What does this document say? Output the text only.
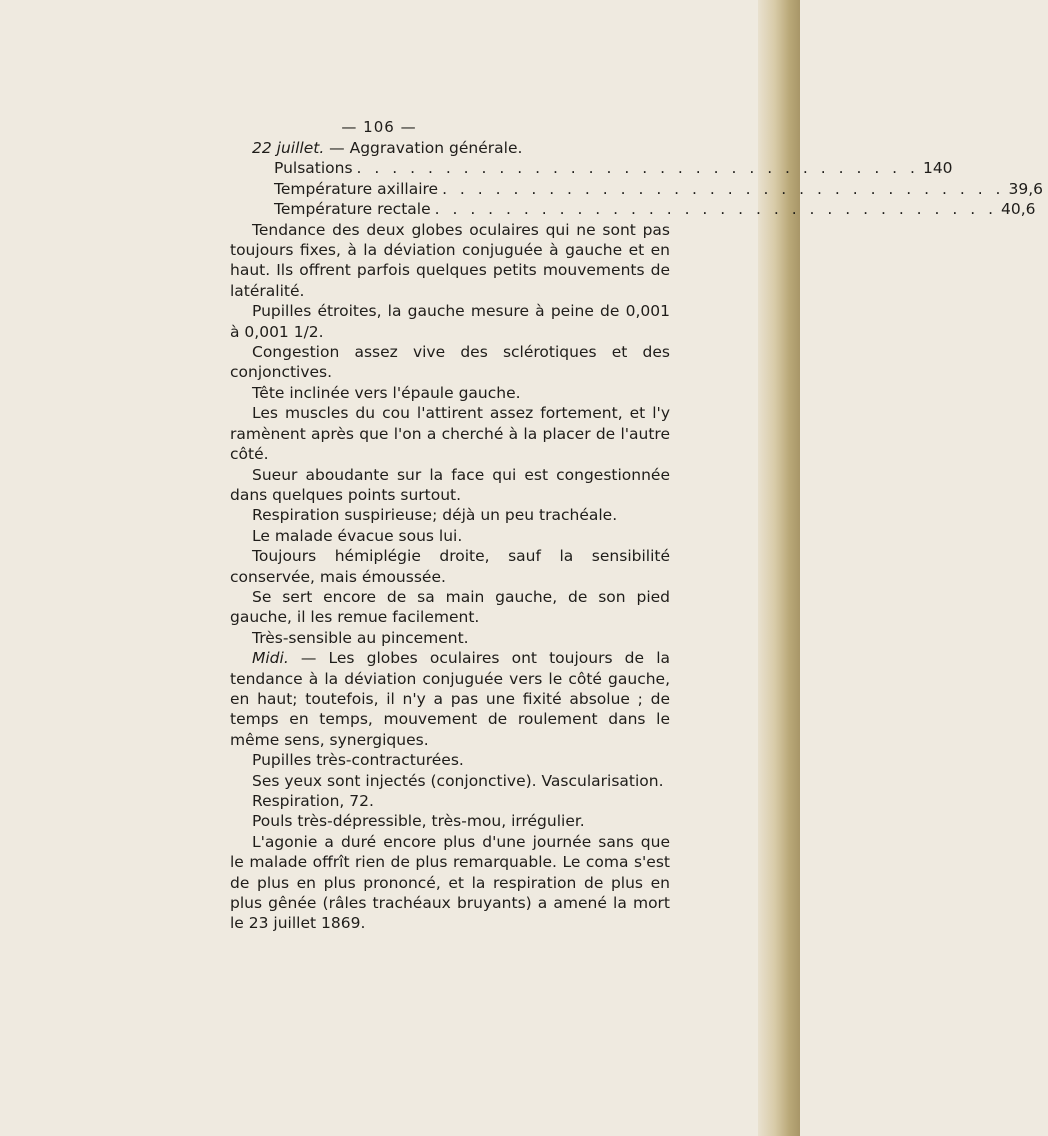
— 106 —

22 juillet. — Aggravation générale.

Pulsations . . . . . . . . . . . . . . . . . . . . . . . . . . . . . . . . 140
Température axillaire . . . . . . . . . . . . . . . . . . . . . . . . . . . . . . . . 39,6
Température rectale . . . . . . . . . . . . . . . . . . . . . . . . . . . . . . . . 40,6

Tendance des deux globes oculaires qui ne sont pas toujours fixes, à la déviation conjuguée à gauche et en haut. Ils offrent parfois quelques petits mouvements de latéralité.

Pupilles étroites, la gauche mesure à peine de 0,001 à 0,001 1/2.

Congestion assez vive des sclérotiques et des conjonctives.

Tête inclinée vers l'épaule gauche.

Les muscles du cou l'attirent assez fortement, et l'y ramènent après que l'on a cherché à la placer de l'autre côté.

Sueur aboudante sur la face qui est congestionnée dans quelques points surtout.

Respiration suspirieuse; déjà un peu trachéale.

Le malade évacue sous lui.

Toujours hémiplégie droite, sauf la sensibilité conservée, mais émoussée.

Se sert encore de sa main gauche, de son pied gauche, il les remue facilement.

Très-sensible au pincement.

Midi. — Les globes oculaires ont toujours de la tendance à la déviation conjuguée vers le côté gauche, en haut; toutefois, il n'y a pas une fixité absolue ; de temps en temps, mouvement de roulement dans le même sens, synergiques.

Pupilles très-contracturées.

Ses yeux sont injectés (conjonctive). Vascularisation.

Respiration, 72.

Pouls très-dépressible, très-mou, irrégulier.

L'agonie a duré encore plus d'une journée sans que le malade offrît rien de plus remarquable. Le coma s'est de plus en plus prononcé, et la respiration de plus en plus gênée (râles trachéaux bruyants) a amené la mort le 23 juillet 1869.
